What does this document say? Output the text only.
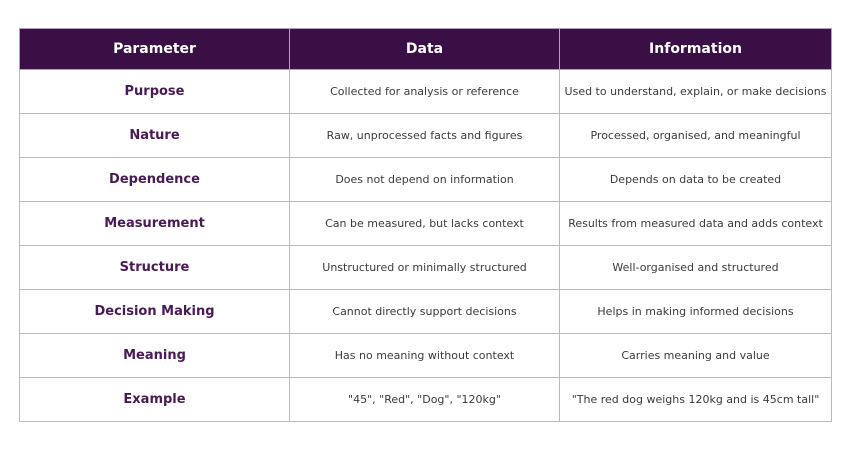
Parameter	Data	Information
Purpose	Collected for analysis or reference	Used to understand, explain, or make decisions
Nature	Raw, unprocessed facts and figures	Processed, organised, and meaningful
Dependence	Does not depend on information	Depends on data to be created
Measurement	Can be measured, but lacks context	Results from measured data and adds context
Structure	Unstructured or minimally structured	Well-organised and structured
Decision Making	Cannot directly support decisions	Helps in making informed decisions
Meaning	Has no meaning without context	Carries meaning and value
Example	"45", "Red", "Dog", "120kg"	"The red dog weighs 120kg and is 45cm tall"
